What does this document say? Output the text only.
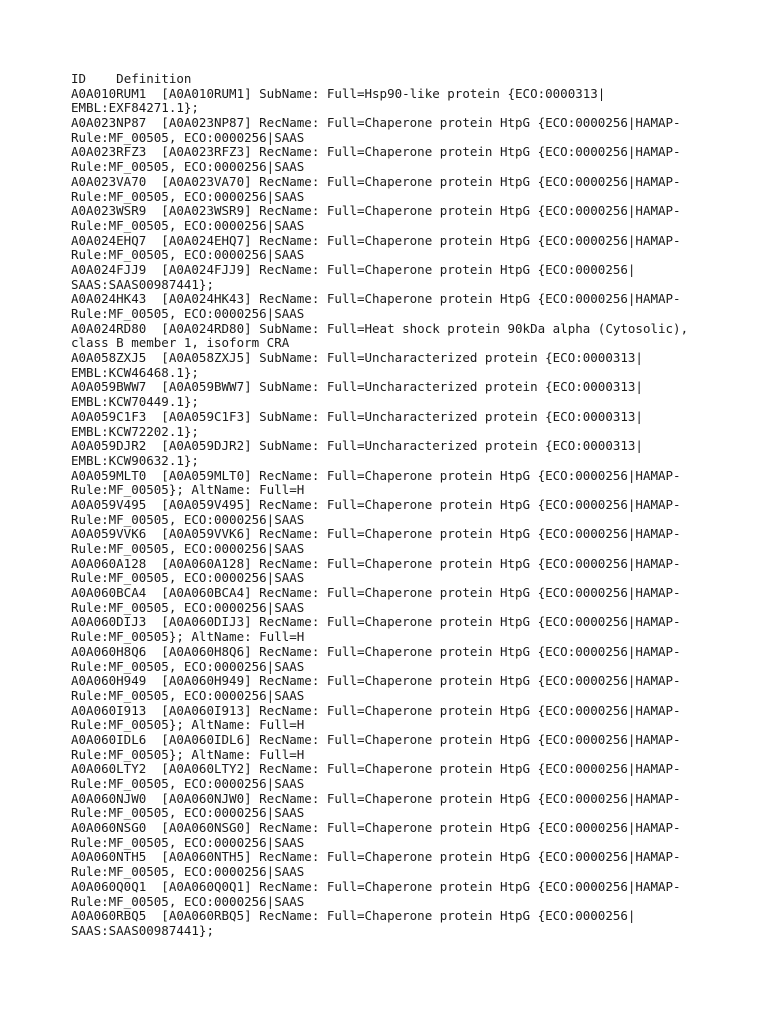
ID Definition
A0A010RUM1  [A0A010RUM1] SubName: Full=Hsp90-like protein {ECO:0000313|
EMBL:EXF84271.1};
A0A023NP87  [A0A023NP87] RecName: Full=Chaperone protein HtpG {ECO:0000256|HAMAP-
Rule:MF_00505, ECO:0000256|SAAS
A0A023RFZ3  [A0A023RFZ3] RecName: Full=Chaperone protein HtpG {ECO:0000256|HAMAP-
Rule:MF_00505, ECO:0000256|SAAS
A0A023VA70  [A0A023VA70] RecName: Full=Chaperone protein HtpG {ECO:0000256|HAMAP-
Rule:MF_00505, ECO:0000256|SAAS
A0A023WSR9  [A0A023WSR9] RecName: Full=Chaperone protein HtpG {ECO:0000256|HAMAP-
Rule:MF_00505, ECO:0000256|SAAS
A0A024EHQ7  [A0A024EHQ7] RecName: Full=Chaperone protein HtpG {ECO:0000256|HAMAP-
Rule:MF_00505, ECO:0000256|SAAS
A0A024FJJ9  [A0A024FJJ9] RecName: Full=Chaperone protein HtpG {ECO:0000256|
SAAS:SAAS00987441};
A0A024HK43  [A0A024HK43] RecName: Full=Chaperone protein HtpG {ECO:0000256|HAMAP-
Rule:MF_00505, ECO:0000256|SAAS
A0A024RD80  [A0A024RD80] SubName: Full=Heat shock protein 90kDa alpha (Cytosolic),
class B member 1, isoform CRA
A0A058ZXJ5  [A0A058ZXJ5] SubName: Full=Uncharacterized protein {ECO:0000313|
EMBL:KCW46468.1};
A0A059BWW7  [A0A059BWW7] SubName: Full=Uncharacterized protein {ECO:0000313|
EMBL:KCW70449.1};
A0A059C1F3  [A0A059C1F3] SubName: Full=Uncharacterized protein {ECO:0000313|
EMBL:KCW72202.1};
A0A059DJR2  [A0A059DJR2] SubName: Full=Uncharacterized protein {ECO:0000313|
EMBL:KCW90632.1};
A0A059MLT0  [A0A059MLT0] RecName: Full=Chaperone protein HtpG {ECO:0000256|HAMAP-
Rule:MF_00505}; AltName: Full=H
A0A059V495  [A0A059V495] RecName: Full=Chaperone protein HtpG {ECO:0000256|HAMAP-
Rule:MF_00505, ECO:0000256|SAAS
A0A059VVK6  [A0A059VVK6] RecName: Full=Chaperone protein HtpG {ECO:0000256|HAMAP-
Rule:MF_00505, ECO:0000256|SAAS
A0A060A128  [A0A060A128] RecName: Full=Chaperone protein HtpG {ECO:0000256|HAMAP-
Rule:MF_00505, ECO:0000256|SAAS
A0A060BCA4  [A0A060BCA4] RecName: Full=Chaperone protein HtpG {ECO:0000256|HAMAP-
Rule:MF_00505, ECO:0000256|SAAS
A0A060DIJ3  [A0A060DIJ3] RecName: Full=Chaperone protein HtpG {ECO:0000256|HAMAP-
Rule:MF_00505}; AltName: Full=H
A0A060H8Q6  [A0A060H8Q6] RecName: Full=Chaperone protein HtpG {ECO:0000256|HAMAP-
Rule:MF_00505, ECO:0000256|SAAS
A0A060H949  [A0A060H949] RecName: Full=Chaperone protein HtpG {ECO:0000256|HAMAP-
Rule:MF_00505, ECO:0000256|SAAS
A0A060I913  [A0A060I913] RecName: Full=Chaperone protein HtpG {ECO:0000256|HAMAP-
Rule:MF_00505}; AltName: Full=H
A0A060IDL6  [A0A060IDL6] RecName: Full=Chaperone protein HtpG {ECO:0000256|HAMAP-
Rule:MF_00505}; AltName: Full=H
A0A060LTY2  [A0A060LTY2] RecName: Full=Chaperone protein HtpG {ECO:0000256|HAMAP-
Rule:MF_00505, ECO:0000256|SAAS
A0A060NJW0  [A0A060NJW0] RecName: Full=Chaperone protein HtpG {ECO:0000256|HAMAP-
Rule:MF_00505, ECO:0000256|SAAS
A0A060NSG0  [A0A060NSG0] RecName: Full=Chaperone protein HtpG {ECO:0000256|HAMAP-
Rule:MF_00505, ECO:0000256|SAAS
A0A060NTH5  [A0A060NTH5] RecName: Full=Chaperone protein HtpG {ECO:0000256|HAMAP-
Rule:MF_00505, ECO:0000256|SAAS
A0A060Q0Q1  [A0A060Q0Q1] RecName: Full=Chaperone protein HtpG {ECO:0000256|HAMAP-
Rule:MF_00505, ECO:0000256|SAAS
A0A060RBQ5  [A0A060RBQ5] RecName: Full=Chaperone protein HtpG {ECO:0000256|
SAAS:SAAS00987441};
